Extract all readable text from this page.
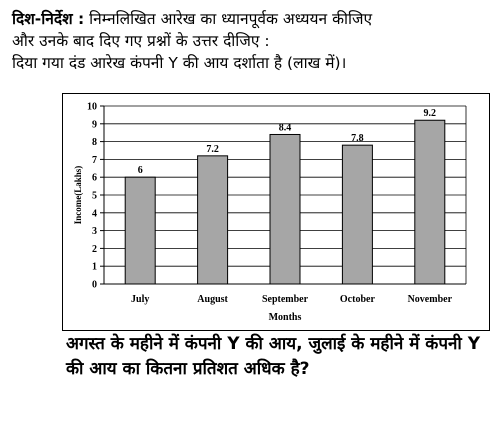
दिश-निर्देश : निम्नलिखित आरेख का ध्यानपूर्वक अध्ययन कीजिए
और उनके बाद दिए गए प्रश्नों के उत्तर दीजिए :
दिया गया दंड आरेख कंपनी Y की आय दर्शाता है (लाख में)।
0
1
2
3
4
5
6
7
8
9
10
6
July
7.2
August
8.4
September
7.8
October
9.2
November
Months
Income(Lakhs)
अगस्त के महीने में कंपनी Y की आय, जुलाई के महीने में कंपनी Y की आय का कितना प्रतिशत अधिक है?
